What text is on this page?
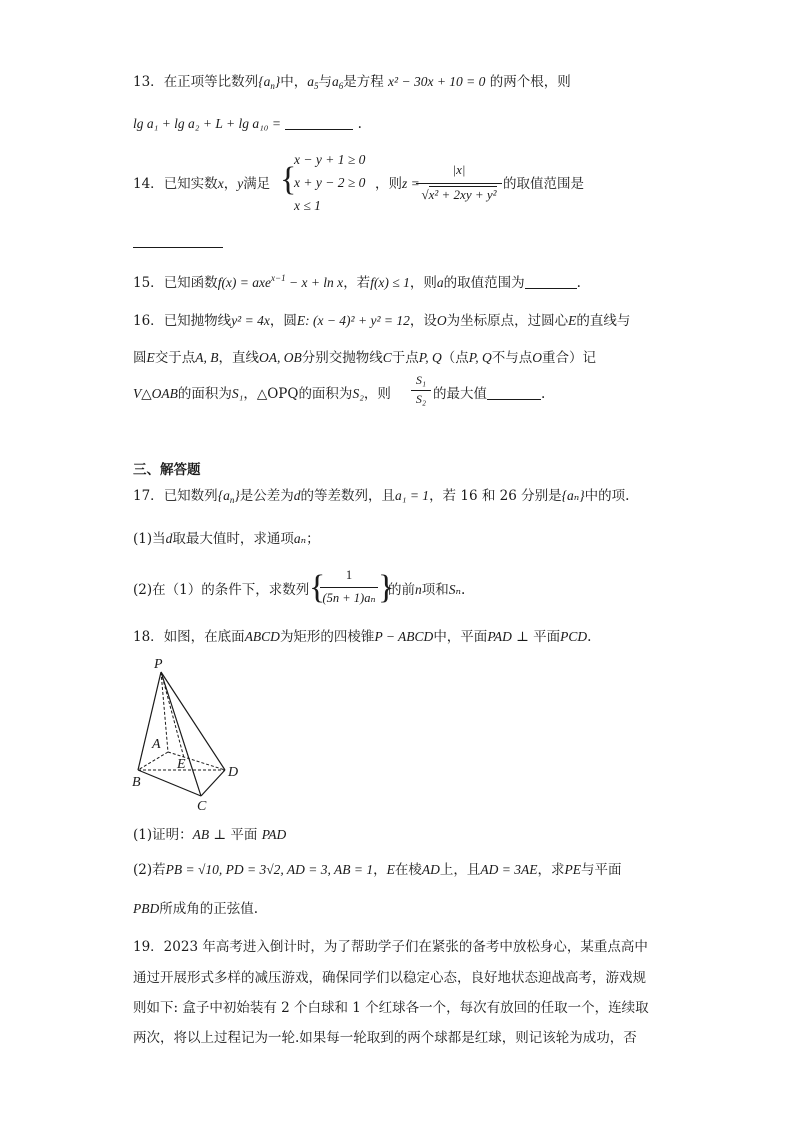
13．在正项等比数列$\{a_n\}$中，$a_5$与$a_6$是方程 x² − 30x + 10 = 0 的两个根，则
lg a₁ + lg a₂ + L + lg a₁₀ =	.
14．已知实数x，y满足 {
x − y + 1 ≥ 0
x + y − 2 ≥ 0
x ≤ 1
，则z =
|x|
√x² + 2xy + y²
的取值范围是
15．已知函数f(x) = axe$^{x-1}$ − x + ln x，若f(x) ≤ 1，则a的取值范围为	.
16．已知抛物线y² = 4x，圆E: (x − 4)² + y² = 12，设O为坐标原点，过圆心E的直线与
圆E交于点A, B，直线OA, OB分别交抛物线C于点P, Q（点P, Q不与点O重合）记
V△OAB的面积为S₁，△OPQ的面积为S₂，则
S₁
S₂ 的最大值	.
三、解答题
17．已知数列$\{a_n\}$是公差为d的等差数列，且a₁ = 1，若 16 和 26 分别是{aₙ}中的项.
(1)当d取最大值时，求通项aₙ；
(2)在（1）的条件下，求数列 {	1
(5n + 1)aₙ }
的前n项和Sₙ.
18．如图，在底面ABCD为矩形的四棱锥P − ABCD中，平面PAD ⊥ 平面PCD.
P
A
E
D
B
C
(1)证明：AB ⊥ 平面 PAD
(2)若PB = √10, PD = 3√2, AD = 3, AB = 1，E在棱AD上，且AD = 3AE，求PE与平面
PBD所成角的正弦值.
19．2023 年高考进入倒计时，为了帮助学子们在紧张的备考中放松身心，某重点高中
通过开展形式多样的减压游戏，确保同学们以稳定心态，良好地状态迎战高考，游戏规
则如下: 盒子中初始装有 2 个白球和 1 个红球各一个，每次有放回的任取一个，连续取
两次，将以上过程记为一轮.如果每一轮取到的两个球都是红球，则记该轮为成功，否
